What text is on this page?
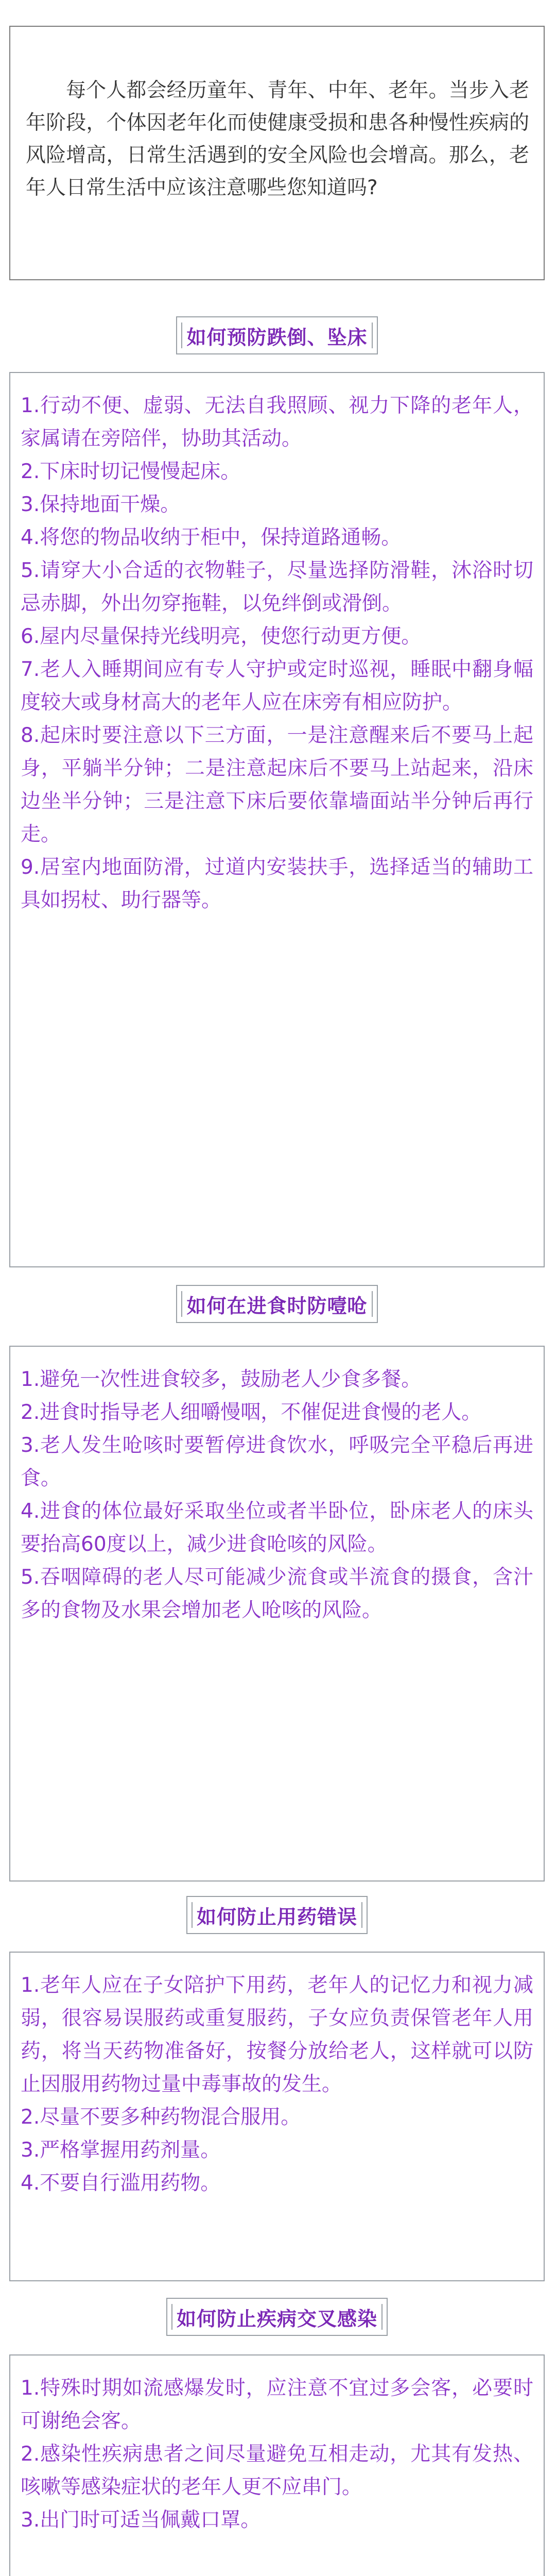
每个人都会经历童年、青年、中年、老年。当步入老年阶段，个体因老年化而使健康受损和患各种慢性疾病的风险增高，日常生活遇到的安全风险也会增高。那么，老年人日常生活中应该注意哪些您知道吗?

如何预防跌倒、坠床

1.行动不便、虚弱、无法自我照顾、视力下降的老年人，家属请在旁陪伴，协助其活动。

2.下床时切记慢慢起床。

3.保持地面干燥。

4.将您的物品收纳于柜中，保持道路通畅。

5.请穿大小合适的衣物鞋子，尽量选择防滑鞋，沐浴时切忌赤脚，外出勿穿拖鞋，以免绊倒或滑倒。

6.屋内尽量保持光线明亮，使您行动更方便。

7.老人入睡期间应有专人守护或定时巡视，睡眠中翻身幅度较大或身材高大的老年人应在床旁有相应防护。

8.起床时要注意以下三方面，一是注意醒来后不要马上起身，平躺半分钟；二是注意起床后不要马上站起来，沿床边坐半分钟；三是注意下床后要依靠墙面站半分钟后再行走。

9.居室内地面防滑，过道内安装扶手，选择适当的辅助工具如拐杖、助行器等。

如何在进食时防噎呛

1.避免一次性进食较多，鼓励老人少食多餐。

2.进食时指导老人细嚼慢咽，不催促进食慢的老人。

3.老人发生呛咳时要暂停进食饮水，呼吸完全平稳后再进食。

4.进食的体位最好采取坐位或者半卧位，卧床老人的床头要抬高60度以上，减少进食呛咳的风险。

5.吞咽障碍的老人尽可能减少流食或半流食的摄食，含汁多的食物及水果会增加老人呛咳的风险。

如何防止用药错误

1.老年人应在子女陪护下用药，老年人的记忆力和视力减弱，很容易误服药或重复服药，子女应负责保管老年人用药，将当天药物准备好，按餐分放给老人，这样就可以防止因服用药物过量中毒事故的发生。

2.尽量不要多种药物混合服用。

3.严格掌握用药剂量。

4.不要自行滥用药物。

如何防止疾病交叉感染

1.特殊时期如流感爆发时，应注意不宜过多会客，必要时可谢绝会客。

2.感染性疾病患者之间尽量避免互相走动，尤其有发热、咳嗽等感染症状的老年人更不应串门。

3.出门时可适当佩戴口罩。
